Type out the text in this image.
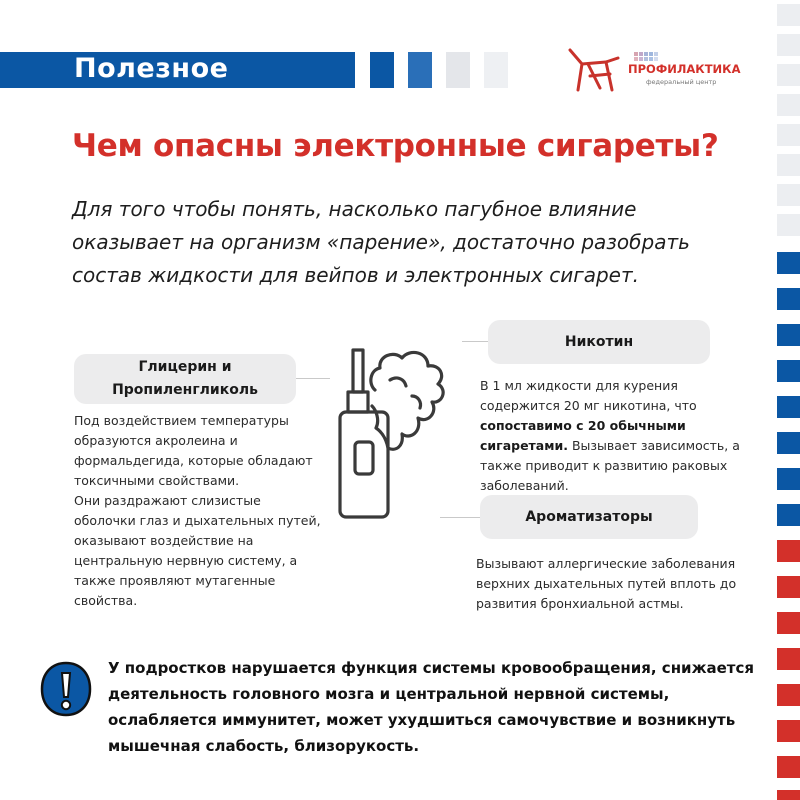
Полезное	ПРОФИЛАКТИКА
федеральный центр
Чем опасны электронные сигареты?
Для того чтобы понять, насколько пагубное влияние оказывает на организм «парение», достаточно разобрать состав жидкости для вейпов и электронных сигарет.
Глицерин и
Пропиленгликоль
Под воздействием температуры образуются акролеина и формальдегида, которые обладают токсичными свойствами.
Они раздражают слизистые оболочки глаз и дыхательных путей, оказывают воздействие на центральную нервную систему, а также проявляют мутагенные свойства.
Никотин
В 1 мл жидкости для курения содержится 20 мг никотина, что сопоставимо с 20 обычными сигаретами. Вызывает зависимость, а также приводит к развитию раковых заболеваний.
Ароматизаторы
Вызывают аллергические заболевания верхних дыхательных путей вплоть до развития бронхиальной астмы.
У подростков нарушается функция системы кровообращения, снижается деятельность головного мозга и центральной нервной системы, ослабляется иммунитет, может ухудшиться самочувствие и возникнуть мышечная слабость, близорукость.
